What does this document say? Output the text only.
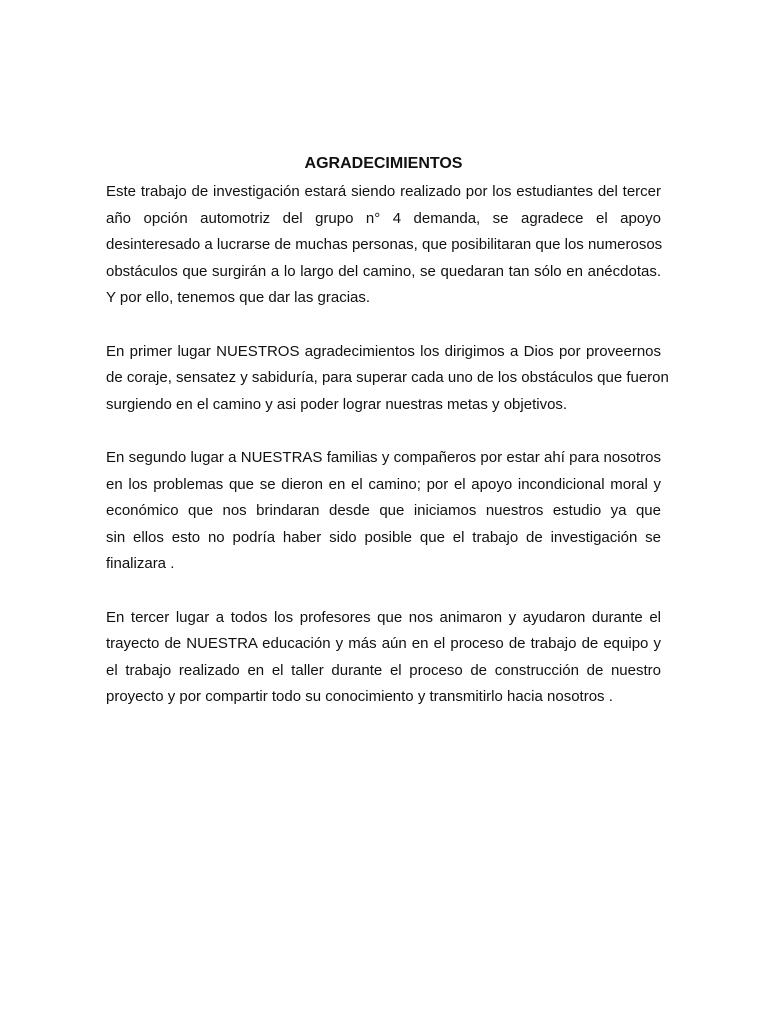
AGRADECIMIENTOS

Este trabajo de investigación estará siendo realizado por los estudiantes del tercer
año opción automotriz del grupo n° 4 demanda, se agradece el apoyo
desinteresado a lucrarse de muchas personas, que posibilitaran que los numerosos
obstáculos que surgirán a lo largo del camino, se quedaran tan sólo en anécdotas.
Y por ello, tenemos que dar las gracias.

En primer lugar NUESTROS agradecimientos los dirigimos a Dios por proveernos
de coraje, sensatez y sabiduría, para superar cada uno de los obstáculos que fueron
surgiendo en el camino y asi poder lograr nuestras metas y objetivos.

En segundo lugar a NUESTRAS familias y compañeros por estar ahí para nosotros
en los problemas que se dieron en el camino; por el apoyo incondicional moral y
económico que nos brindaran desde que iniciamos nuestros estudio ya que
sin ellos esto no podría haber sido posible que el trabajo de investigación se
finalizara .

En tercer lugar a todos los profesores que nos animaron y ayudaron durante el
trayecto de NUESTRA educación y más aún en el proceso de trabajo de equipo y
el trabajo realizado en el taller durante el proceso de construcción de nuestro
proyecto y por compartir todo su conocimiento y transmitirlo hacia nosotros .
